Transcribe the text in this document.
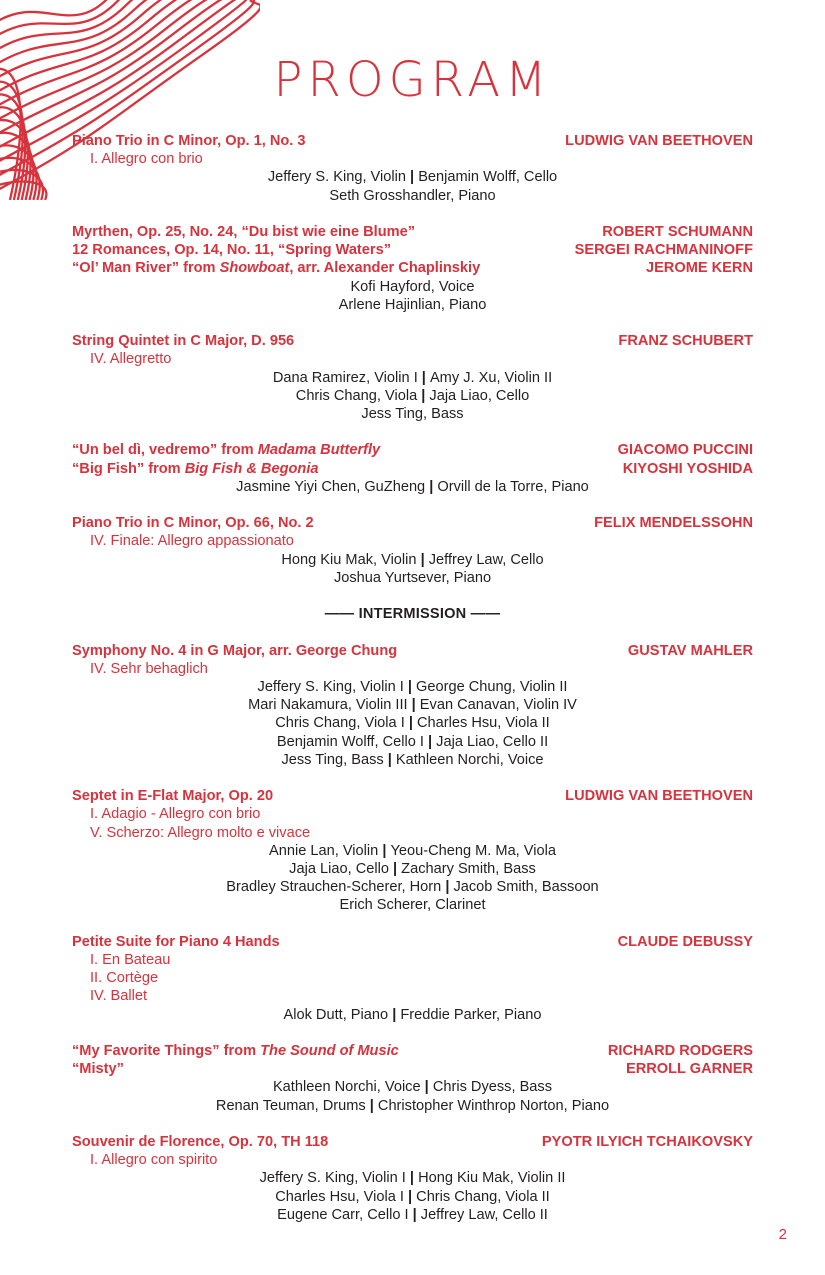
PROGRAM
Piano Trio in C Minor, Op. 1, No. 3	LUDWIG VAN BEETHOVEN
I. Allegro con brio
Jeffery S. King, Violin | Benjamin Wolff, Cello
Seth Grosshandler, Piano
Myrthen, Op. 25, No. 24, “Du bist wie eine Blume”	ROBERT SCHUMANN
12 Romances, Op. 14, No. 11, “Spring Waters”	SERGEI RACHMANINOFF
“Ol’ Man River” from Showboat, arr. Alexander Chaplinskiy	JEROME KERN
Kofi Hayford, Voice
Arlene Hajinlian, Piano
String Quintet in C Major, D. 956	FRANZ SCHUBERT
IV. Allegretto
Dana Ramirez, Violin I | Amy J. Xu, Violin II
Chris Chang, Viola | Jaja Liao, Cello
Jess Ting, Bass
“Un bel dì, vedremo” from Madama Butterfly	GIACOMO PUCCINI
“Big Fish” from Big Fish & Begonia	KIYOSHI YOSHIDA
Jasmine Yiyi Chen, GuZheng | Orvill de la Torre, Piano
Piano Trio in C Minor, Op. 66, No. 2	FELIX MENDELSSOHN
IV. Finale: Allegro appassionato
Hong Kiu Mak, Violin | Jeffrey Law, Cello
Joshua Yurtsever, Piano
—— INTERMISSION ——
Symphony No. 4 in G Major, arr. George Chung	GUSTAV MAHLER
IV. Sehr behaglich
Jeffery S. King, Violin I | George Chung, Violin II
Mari Nakamura, Violin III | Evan Canavan, Violin IV
Chris Chang, Viola I | Charles Hsu, Viola II
Benjamin Wolff, Cello I | Jaja Liao, Cello II
Jess Ting, Bass | Kathleen Norchi, Voice
Septet in E-Flat Major, Op. 20	LUDWIG VAN BEETHOVEN
I. Adagio - Allegro con brio
V. Scherzo: Allegro molto e vivace
Annie Lan, Violin | Yeou-Cheng M. Ma, Viola
Jaja Liao, Cello | Zachary Smith, Bass
Bradley Strauchen-Scherer, Horn | Jacob Smith, Bassoon
Erich Scherer, Clarinet
Petite Suite for Piano 4 Hands	CLAUDE DEBUSSY
I. En Bateau
II. Cortège
IV. Ballet
Alok Dutt, Piano | Freddie Parker, Piano
“My Favorite Things” from The Sound of Music	RICHARD RODGERS
“Misty”	ERROLL GARNER
Kathleen Norchi, Voice | Chris Dyess, Bass
Renan Teuman, Drums | Christopher Winthrop Norton, Piano
Souvenir de Florence, Op. 70, TH 118	PYOTR ILYICH TCHAIKOVSKY
I. Allegro con spirito
Jeffery S. King, Violin I | Hong Kiu Mak, Violin II
Charles Hsu, Viola I | Chris Chang, Viola II
Eugene Carr, Cello I | Jeffrey Law, Cello II
2
